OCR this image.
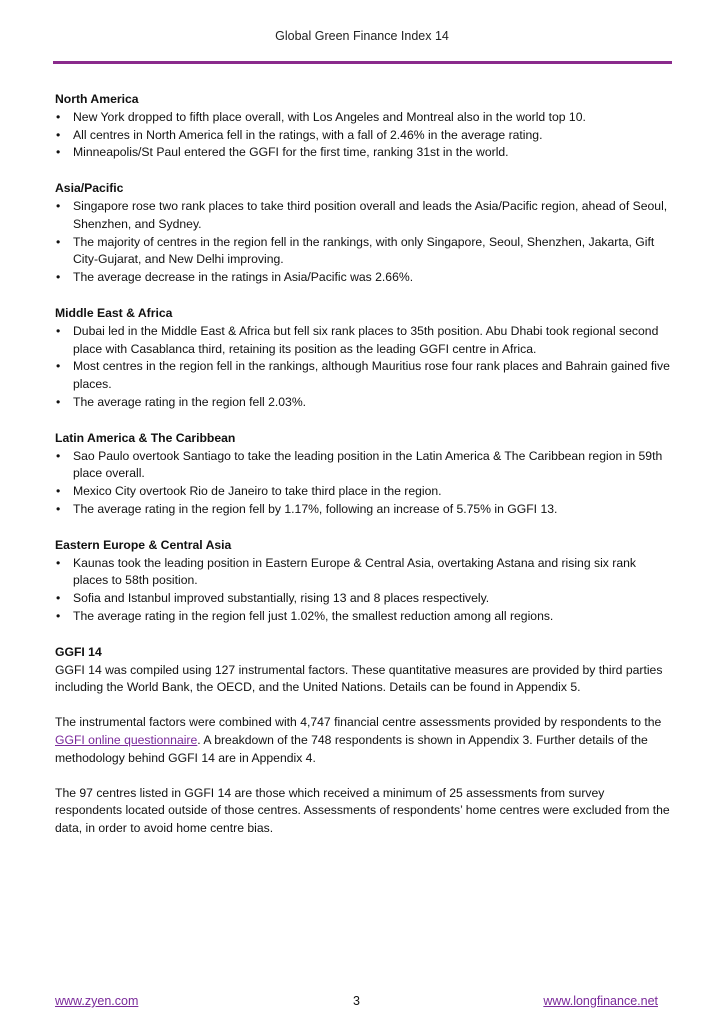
Global Green Finance Index 14
North America
• New York dropped to fifth place overall, with Los Angeles and Montreal also in the world top 10.
• All centres in North America fell in the ratings, with a fall of 2.46% in the average rating.
• Minneapolis/St Paul entered the GGFI for the first time, ranking 31st in the world.
Asia/Pacific
• Singapore rose two rank places to take third position overall and leads the Asia/Pacific region, ahead of Seoul, Shenzhen, and Sydney.
• The majority of centres in the region fell in the rankings, with only Singapore, Seoul, Shenzhen, Jakarta, Gift City-Gujarat, and New Delhi improving.
• The average decrease in the ratings in Asia/Pacific was 2.66%.
Middle East & Africa
• Dubai led in the Middle East & Africa but fell six rank places to 35th position. Abu Dhabi took regional second place with Casablanca third, retaining its position as the leading GGFI centre in Africa.
• Most centres in the region fell in the rankings, although Mauritius rose four rank places and Bahrain gained five places.
• The average rating in the region fell 2.03%.
Latin America & The Caribbean
• Sao Paulo overtook Santiago to take the leading position in the Latin America & The Caribbean region in 59th place overall.
• Mexico City overtook Rio de Janeiro to take third place in the region.
• The average rating in the region fell by 1.17%, following an increase of 5.75% in GGFI 13.
Eastern Europe & Central Asia
• Kaunas took the leading position in Eastern Europe & Central Asia, overtaking Astana and rising six rank places to 58th position.
• Sofia and Istanbul improved substantially, rising 13 and 8 places respectively.
• The average rating in the region fell just 1.02%, the smallest reduction among all regions.
GGFI 14

GGFI 14 was compiled using 127 instrumental factors. These quantitative measures are provided by third parties including the World Bank, the OECD, and the United Nations. Details can be found in Appendix 5.

The instrumental factors were combined with 4,747 financial centre assessments provided by respondents to the GGFI online questionnaire. A breakdown of the 748 respondents is shown in Appendix 3. Further details of the methodology behind GGFI 14 are in Appendix 4.

The 97 centres listed in GGFI 14 are those which received a minimum of 25 assessments from survey respondents located outside of those centres. Assessments of respondents’ home centres were excluded from the data, in order to avoid home centre bias.

3
www.zyen.com	www.longfinance.net
